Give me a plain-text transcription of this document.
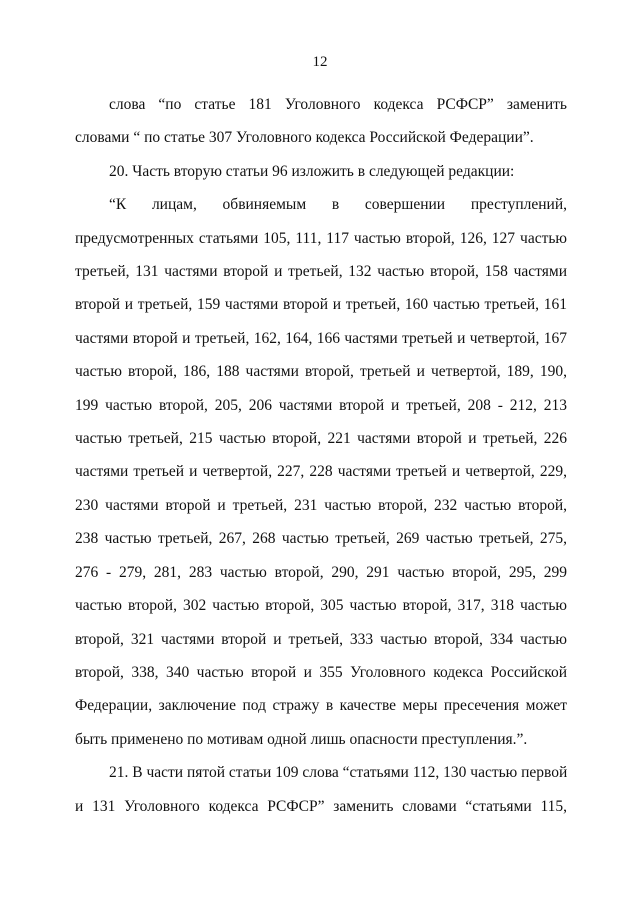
12
слова “по статье 181 Уголовного кодекса РСФСР” заменить
словами “ по статье 307 Уголовного кодекса Российской Федерации”.
20. Часть вторую статьи 96 изложить в следующей редакции:
“К лицам, обвиняемым в совершении преступлений,
предусмотренных статьями 105, 111, 117 частью второй, 126, 127 частью
третьей, 131 частями второй и третьей, 132 частью второй, 158 частями
второй и третьей, 159 частями второй и третьей, 160 частью третьей, 161
частями второй и третьей, 162, 164, 166 частями третьей и четвертой, 167
частью второй, 186, 188 частями второй, третьей и четвертой, 189, 190,
199 частью второй, 205, 206 частями второй и третьей, 208 - 212, 213
частью третьей, 215 частью второй, 221 частями второй и третьей, 226
частями третьей и четвертой, 227, 228 частями третьей и четвертой, 229,
230 частями второй и третьей, 231 частью второй, 232 частью второй,
238 частью третьей, 267, 268 частью третьей, 269 частью третьей, 275,
276 - 279, 281, 283 частью второй, 290, 291 частью второй, 295, 299
частью второй, 302 частью второй, 305 частью второй, 317, 318 частью
второй, 321 частями второй и третьей, 333 частью второй, 334 частью
второй, 338, 340 частью второй и 355 Уголовного кодекса Российской
Федерации, заключение под стражу в качестве меры пресечения может
быть применено по мотивам одной лишь опасности преступления.”.
21. В части пятой статьи 109 слова “статьями 112, 130 частью первой
и 131 Уголовного кодекса РСФСР” заменить словами “статьями 115,
